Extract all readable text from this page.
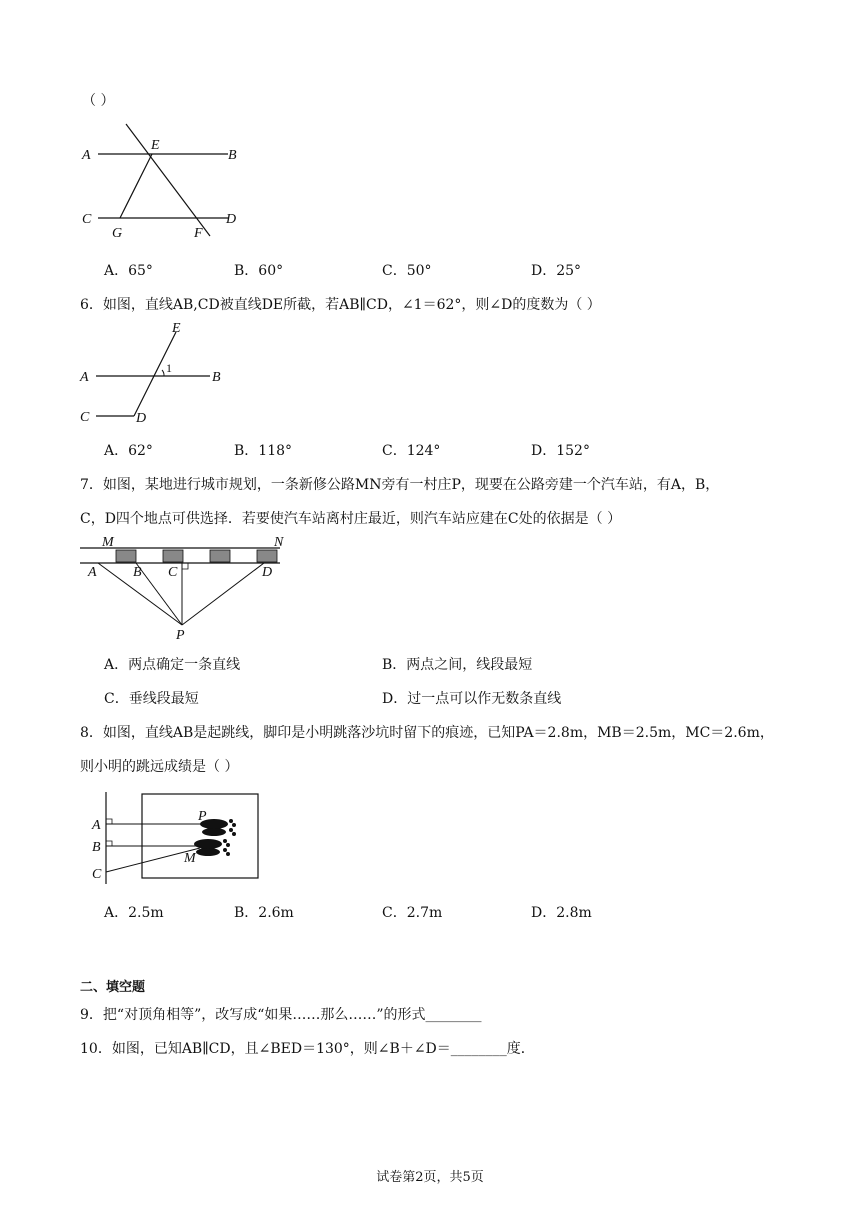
（ ）
A	B
E
C	D
G	F
A．65°	B．60°	C．50°	D．25°
6．如图，直线AB,CD被直线DE所截，若AB∥CD，∠1＝62°，则∠D的度数为（ ）
A	B
C	D
E
1
A．62°	B．118°	C．124°	D．152°
7．如图，某地进行城市规划，一条新修公路MN旁有一村庄P，现要在公路旁建一个汽车站，有A，B，
C，D四个地点可供选择．若要使汽车站离村庄最近，则汽车站应建在C处的依据是（ ）
M	N
A	B C	D
P
A．两点确定一条直线	B．两点之间，线段最短
C．垂线段最短	D．过一点可以作无数条直线
8．如图，直线AB是起跳线，脚印是小明跳落沙坑时留下的痕迹，已知PA＝2.8m，MB＝2.5m，MC＝2.6m，
则小明的跳远成绩是（ ）
A
B
C
P
M
A．2.5m	B．2.6m	C．2.7m	D．2.8m
二、填空题
9．把“对顶角相等”，改写成“如果……那么……”的形式________
10．如图，已知AB∥CD，且∠BED＝130°，则∠B＋∠D＝________度．
试卷第2页，共5页
